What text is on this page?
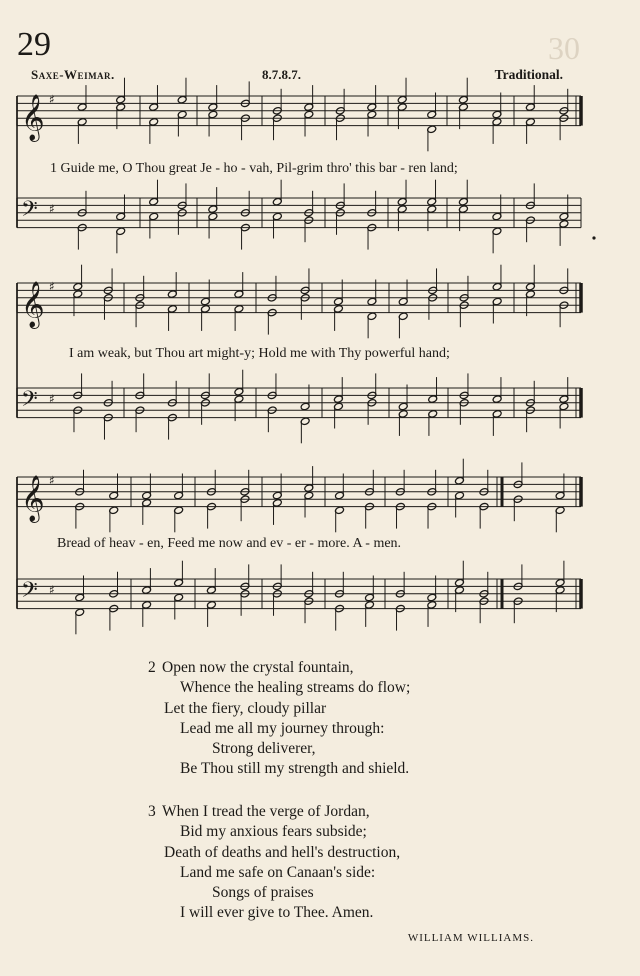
30
29
Saxe-Weimar.	8.7.8.7.	Traditional.
𝄞 ♯
𝄢 ♯
𝄞 ♯
𝄢 ♯
𝄞 ♯
𝄢 ♯
1 Guide me, O Thou great Je - ho - vah, Pil-grim thro' this bar - ren land;
I am weak, but Thou art might-y; Hold me with Thy powerful hand;
Bread of heav - en, Feed me now and ev - er - more. A - men.
2 Open now the crystal fountain,
Whence the healing streams do flow;
Let the fiery, cloudy pillar
Lead me all my journey through:
Strong deliverer,
Be Thou still my strength and shield.
3 When I tread the verge of Jordan,
Bid my anxious fears subside;
Death of deaths and hell's destruction,
Land me safe on Canaan's side:
Songs of praises
I will ever give to Thee. Amen.
WILLIAM WILLIAMS.
